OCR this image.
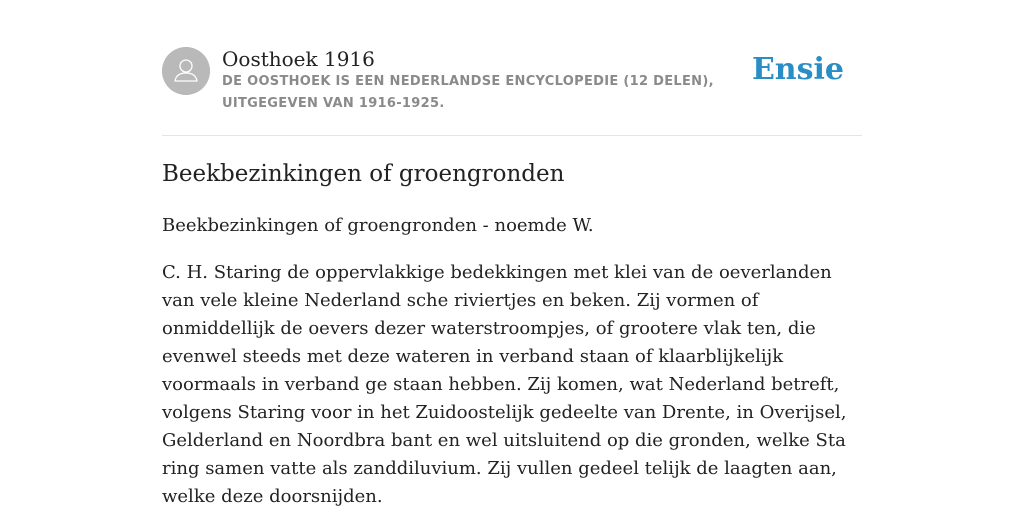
Oosthoek 1916
DE OOSTHOEK IS EEN NEDERLANDSE ENCYCLOPEDIE (12 DELEN), UITGEGEVEN VAN 1916-1925.
Ensie
Beekbezinkingen of groengronden

Beekbezinkingen of groengronden - noemde W.

C. H. Staring de oppervlakkige bedekkingen met klei van de oeverlanden van vele kleine Nederland sche riviertjes en beken. Zij vormen of onmiddellijk de oevers dezer waterstroompjes, of grootere vlak ten, die evenwel steeds met deze wateren in verband staan of klaarblijkelijk voormaals in verband ge staan hebben. Zij komen, wat Nederland betreft, volgens Staring voor in het Zuidoostelijk gedeelte van Drente, in Overijsel, Gelderland en Noordbra bant en wel uitsluitend op die gronden, welke Sta ring samen vatte als zanddiluvium. Zij vullen gedeel telijk de laagten aan, welke deze doorsnijden.
